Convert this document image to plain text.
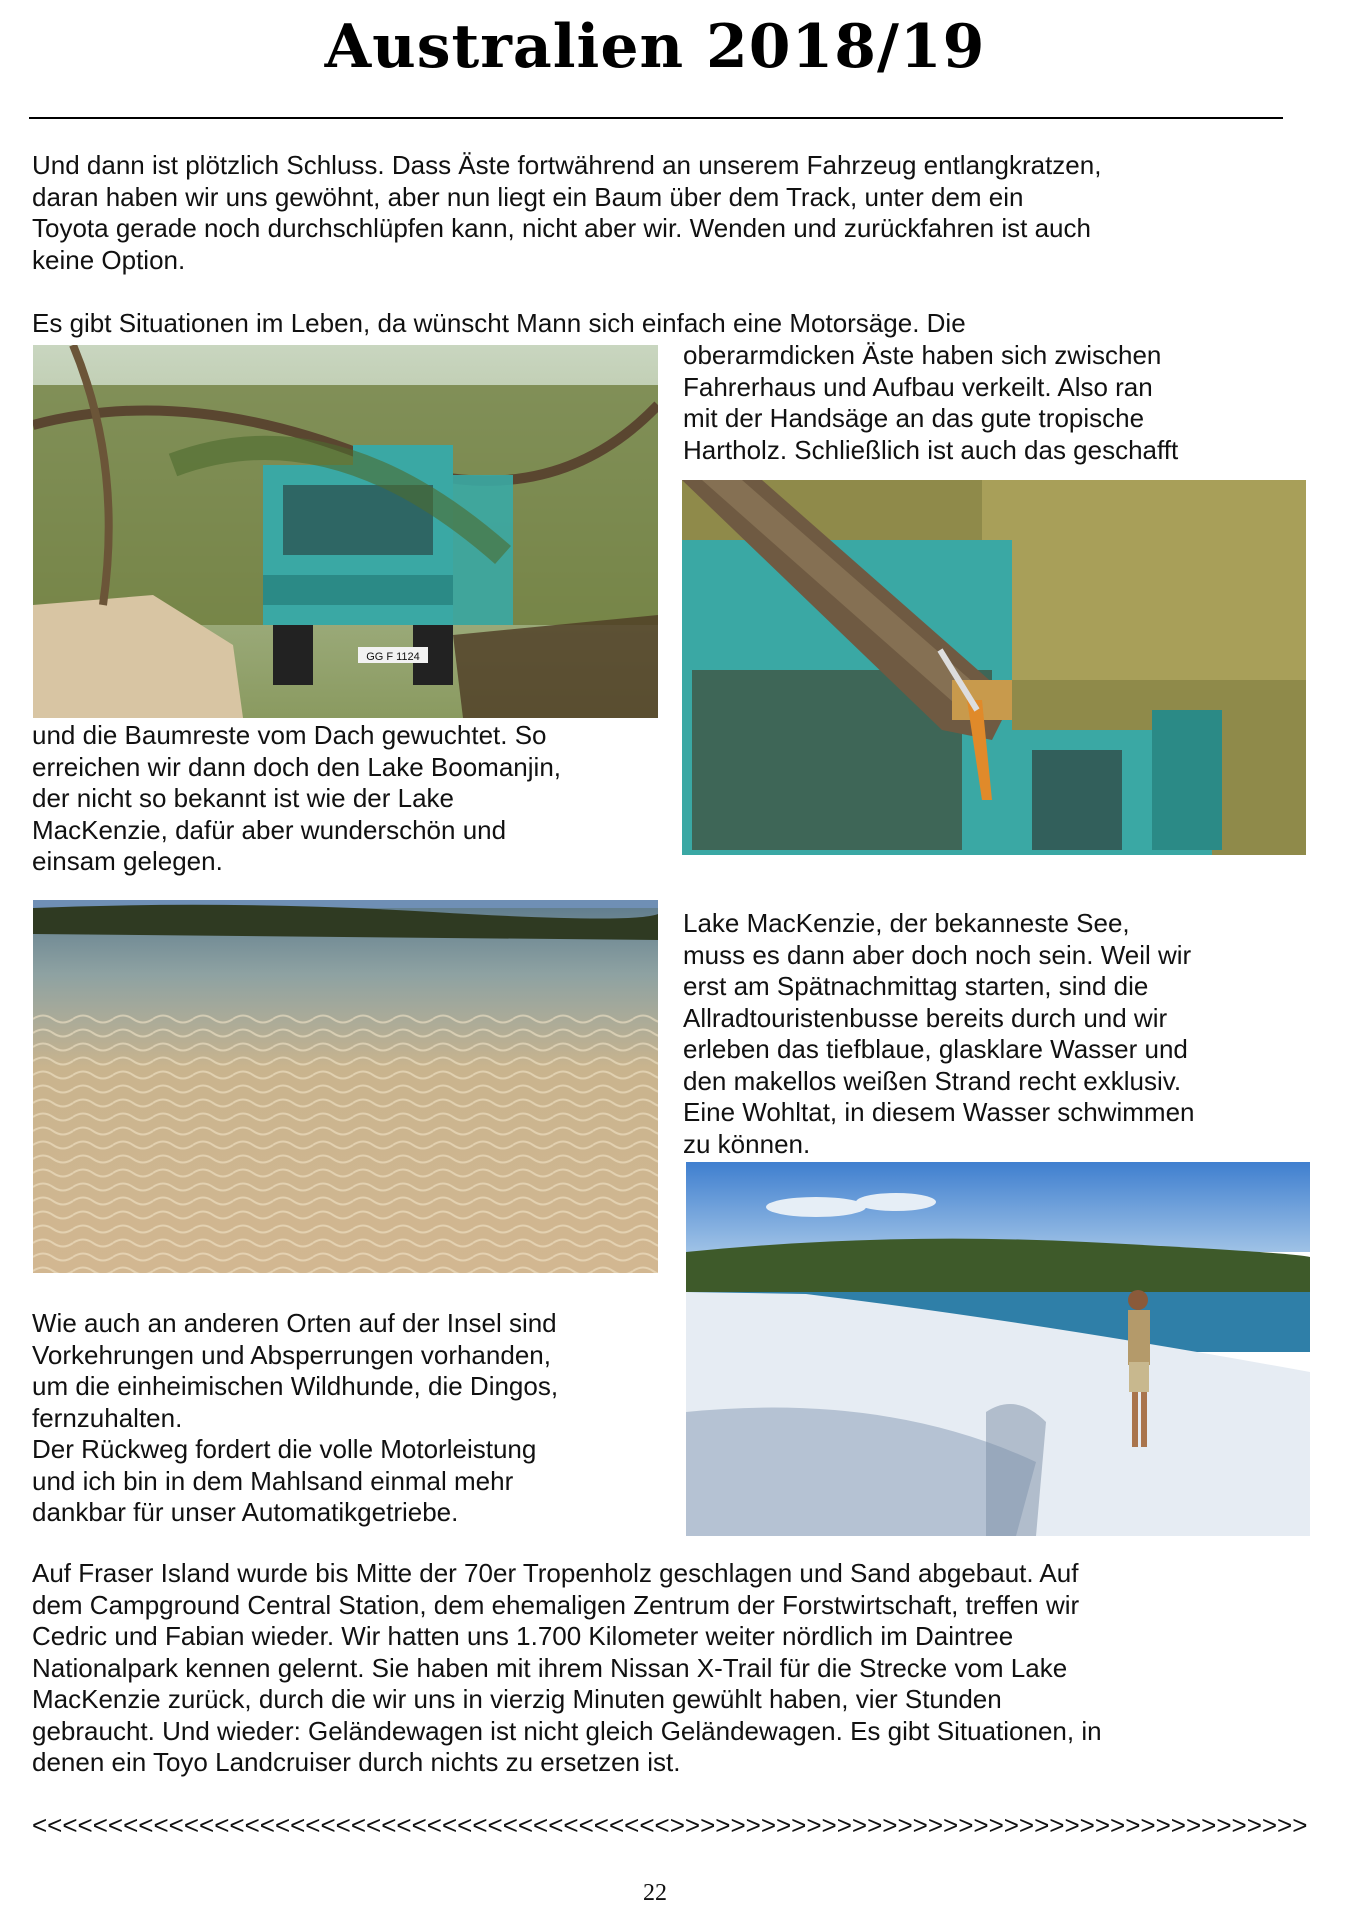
Australien 2018/19

Und dann ist plötzlich Schluss. Dass Äste fortwährend an unserem Fahrzeug entlangkratzen,
daran haben wir uns gewöhnt, aber nun liegt ein Baum über dem Track, unter dem ein
Toyota gerade noch durchschlüpfen kann, nicht aber wir. Wenden und zurückfahren ist auch
keine Option.

Es gibt Situationen im Leben, da wünscht Mann sich einfach eine Motorsäge. Die

GG F 1124

oberarmdicken Äste haben sich zwischen
Fahrerhaus und Aufbau verkeilt. Also ran
mit der Handsäge an das gute tropische
Hartholz. Schließlich ist auch das geschafft

und die Baumreste vom Dach gewuchtet. So
erreichen wir dann doch den Lake Boomanjin,
der nicht so bekannt ist wie der Lake
MacKenzie, dafür aber wunderschön und
einsam gelegen.

Lake MacKenzie, der bekanneste See,
muss es dann aber doch noch sein. Weil wir
erst am Spätnachmittag starten, sind die
Allradtouristenbusse bereits durch und wir
erleben das tiefblaue, glasklare Wasser und
den makellos weißen Strand recht exklusiv.
Eine Wohltat, in diesem Wasser schwimmen
zu können.

Wie auch an anderen Orten auf der Insel sind
Vorkehrungen und Absperrungen vorhanden,
um die einheimischen Wildhunde, die Dingos,
fernzuhalten.
Der Rückweg fordert die volle Motorleistung
und ich bin in dem Mahlsand einmal mehr
dankbar für unser Automatikgetriebe.

Auf Fraser Island wurde bis Mitte der 70er Tropenholz geschlagen und Sand abgebaut. Auf
dem Campground Central Station, dem ehemaligen Zentrum der Forstwirtschaft, treffen wir
Cedric und Fabian wieder. Wir hatten uns 1.700 Kilometer weiter nördlich im Daintree
Nationalpark kennen gelernt. Sie haben mit ihrem Nissan X-Trail für die Strecke vom Lake
MacKenzie zurück, durch die wir uns in vierzig Minuten gewühlt haben, vier Stunden
gebraucht. Und wieder: Geländewagen ist nicht gleich Geländewagen. Es gibt Situationen, in
denen ein Toyo Landcruiser durch nichts zu ersetzen ist.

<<<<<<<<<<<<<<<<<<<<<<<<<<<<<<<<<<<<<<<<<<>>>>>>>>>>>>>>>>>>>>>>>>>>>>>>>>>>>>>>>>>>

22
